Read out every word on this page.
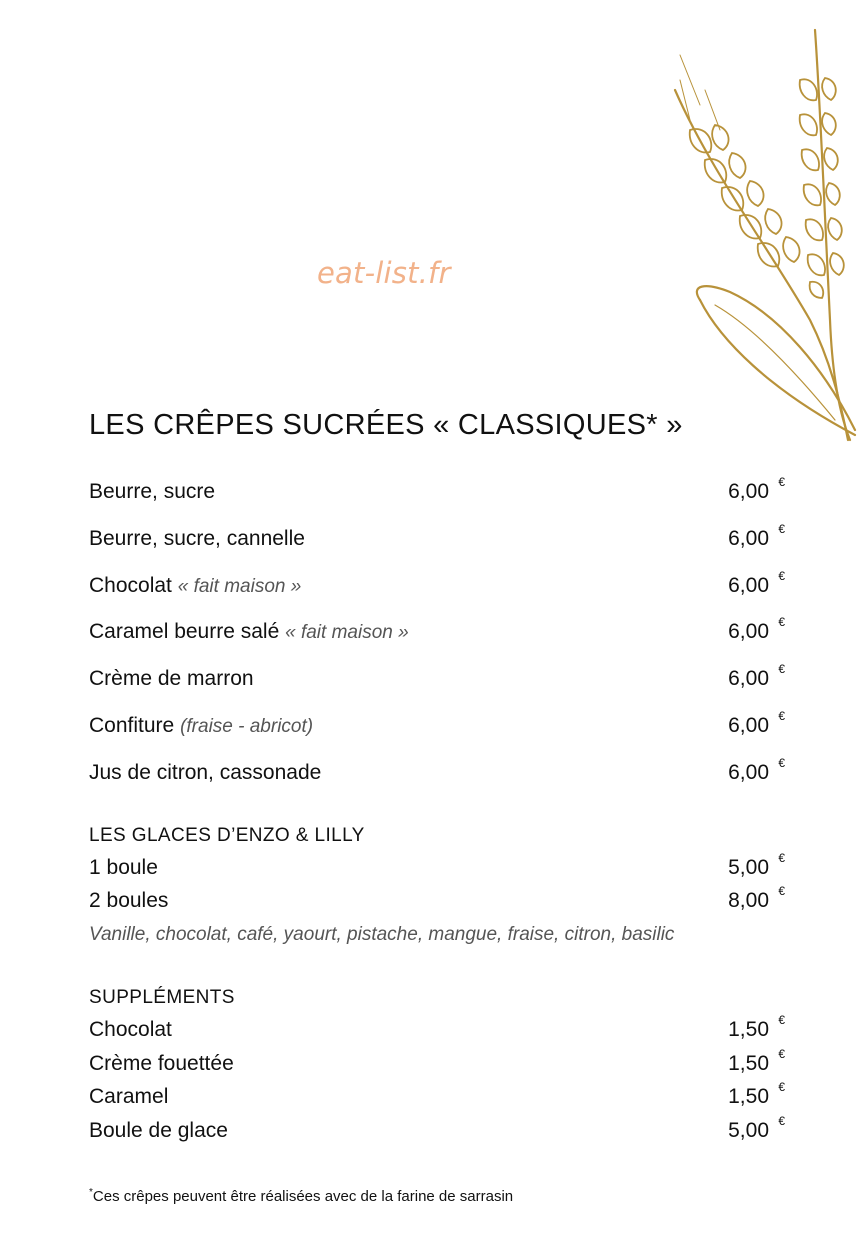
eat-list.fr
LES CRÊPES SUCRÉES « CLASSIQUES* »
Beurre, sucre	6,00 €
Beurre, sucre, cannelle	6,00 €
Chocolat « fait maison »	6,00 €
Caramel beurre salé « fait maison »	6,00 €
Crème de marron	6,00 €
Confiture (fraise - abricot)	6,00 €
Jus de citron, cassonade	6,00 €
LES GLACES D’ENZO & LILLY
1 boule	5,00 €
2 boules	8,00 €
Vanille, chocolat, café, yaourt, pistache, mangue, fraise, citron, basilic
SUPPLÉMENTS
Chocolat	1,50 €
Crème fouettée	1,50 €
Caramel	1,50 €
Boule de glace	5,00 €
*Ces crêpes peuvent être réalisées avec de la farine de sarrasin
